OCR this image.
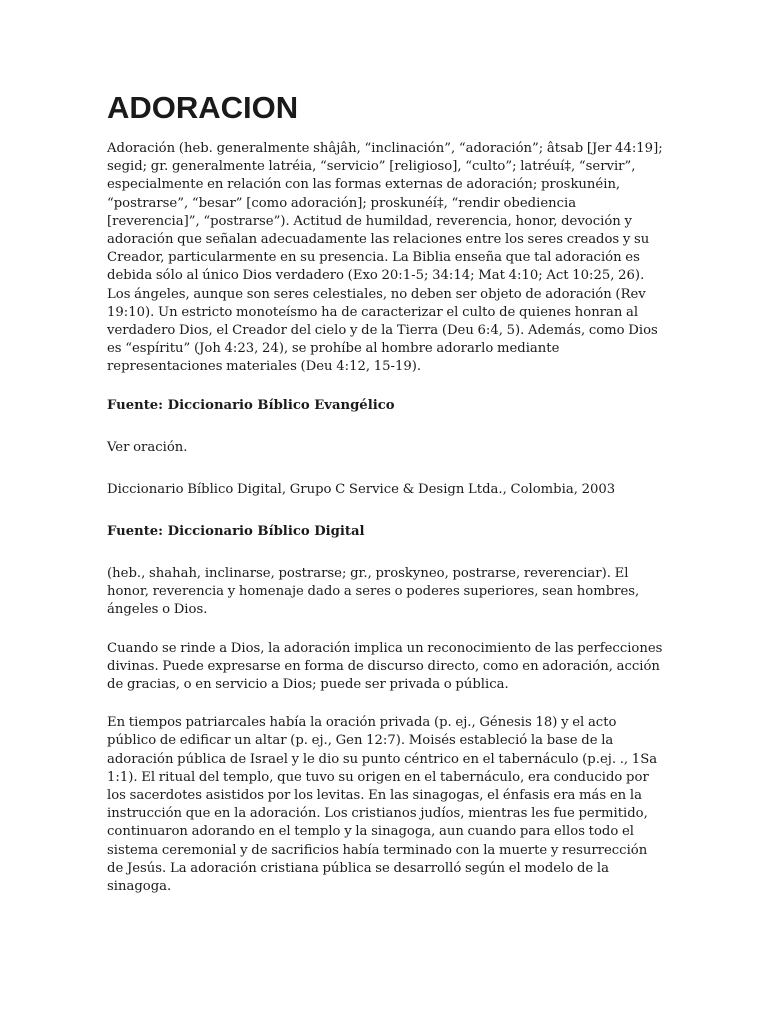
ADORACION

Adoración (heb. generalmente shâjâh, “inclinación”, “adoración”; âtsab [Jer 44:19]; segid; gr. generalmente latréia, “servicio” [religioso], “culto”; latréuí‡, “servir”, especialmente en relación con las formas externas de adoración; proskunéin, “postrarse”, “besar” [como adoración]; proskunéí‡, “rendir obediencia [reverencia]”, “postrarse”). Actitud de humildad, reverencia, honor, devoción y adoración que señalan adecuadamente las relaciones entre los seres creados y su Creador, particularmente en su presencia. La Biblia enseña que tal adoración es debida sólo al único Dios verdadero (Exo 20:1-5; 34:14; Mat 4:10; Act 10:25, 26). Los ángeles, aunque son seres celestiales, no deben ser objeto de adoración (Rev 19:10). Un estricto monoteísmo ha de caracterizar el culto de quienes honran al verdadero Dios, el Creador del cielo y de la Tierra (Deu 6:4, 5). Además, como Dios es “espíritu” (Joh 4:23, 24), se prohíbe al hombre adorarlo mediante representaciones materiales (Deu 4:12, 15-19).

Fuente: Diccionario Bíblico Evangélico

Ver oración.

Diccionario Bíblico Digital, Grupo C Service & Design Ltda., Colombia, 2003

Fuente: Diccionario Bíblico Digital

(heb., shahah, inclinarse, postrarse; gr., proskyneo, postrarse, reverenciar). El honor, reverencia y homenaje dado a seres o poderes superiores, sean hombres, ángeles o Dios.

Cuando se rinde a Dios, la adoración implica un reconocimiento de las perfecciones divinas. Puede expresarse en forma de discurso directo, como en adoración, acción de gracias, o en servicio a Dios; puede ser privada o pública.

En tiempos patriarcales había la oración privada (p. ej., Génesis 18) y el acto público de edificar un altar (p. ej., Gen 12:7). Moisés estableció la base de la adoración pública de Israel y le dio su punto céntrico en el tabernáculo (p.ej. ., 1Sa 1:1). El ritual del templo, que tuvo su origen en el tabernáculo, era conducido por los sacerdotes asistidos por los levitas. En las sinagogas, el énfasis era más en la instrucción que en la adoración. Los cristianos judíos, mientras les fue permitido, continuaron adorando en el templo y la sinagoga, aun cuando para ellos todo el sistema ceremonial y de sacrificios había terminado con la muerte y resurrección de Jesús. La adoración cristiana pública se desarrolló según el modelo de la sinagoga.
